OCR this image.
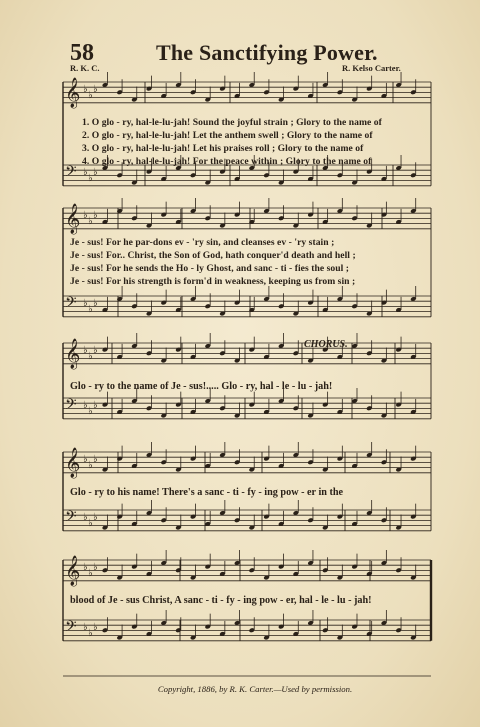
𝄞 ♭
♭
♭
𝄢 ♭
♭
♭
𝄞 ♭
♭
♭
𝄢 ♭
♭
♭
𝄞 ♭
♭
♭
𝄢 ♭
♭
♭
𝄞 ♭
♭
♭
𝄢 ♭
♭
♭
𝄞 ♭
♭
♭
𝄢 ♭
♭
♭
58	The Sanctifying Power.
R. K. C.	R. Kelso Carter.
1. O glo - ry, hal-le-lu-jah! Sound the joyful strain ; Glory to the name of
2. O glo - ry, hal-le-lu-jah! Let the anthem swell ; Glory to the name of
3. O glo - ry, hal-le-lu-jah! Let his praises roll ; Glory to the name of
4. O glo - ry, hal-le-lu-jah! For the peace within ; Glory to the name of
Je - sus! For he par-dons ev - 'ry sin, and cleanses ev - 'ry stain ;
Je - sus! For.. Christ, the Son of God, hath conquer'd death and hell ;
Je - sus! For he sends the Ho - ly Ghost, and sanc - ti - fies the soul ;
Je - sus! For his strength is form'd in weakness, keeping us from sin ;
CHORUS.
Glo - ry to the name of Je - sus!..... Glo - ry, hal - le - lu - jah!
Glo - ry to his name! There's a sanc - ti - fy - ing pow - er in the
blood of Je - sus Christ, A sanc - ti - fy - ing pow - er, hal - le - lu - jah!
Copyright, 1886, by R. K. Carter.—Used by permission.
